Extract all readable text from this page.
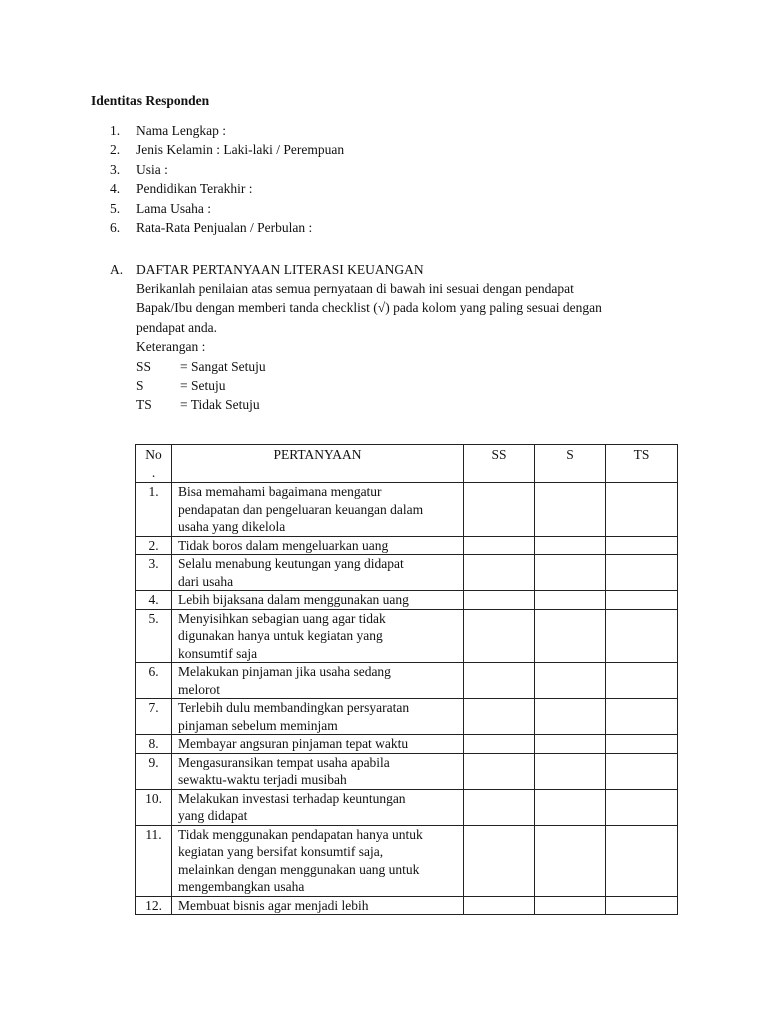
Identitas Responden
1. Nama Lengkap :
2. Jenis Kelamin : Laki-laki / Perempuan
3. Usia :
4. Pendidikan Terakhir :
5. Lama Usaha :
6. Rata-Rata Penjualan / Perbulan :
A. DAFTAR PERTANYAAN LITERASI KEUANGAN

Berikanlah penilaian atas semua pernyataan di bawah ini sesuai dengan pendapat

Bapak/Ibu dengan memberi tanda checklist (√) pada kolom yang paling sesuai dengan

pendapat anda.

Keterangan :

SS = Sangat Setuju
S	= Setuju
TS = Tidak Setuju
No
.	PERTANYAAN	SS	S	TS
1.	Bisa memahami bagaimana mengatur
pendapatan dan pengeluaran keuangan dalam
usaha yang dikelola			

2.	Tidak boros dalam mengeluarkan uang			

3.	Selalu menabung keutungan yang didapat
dari usaha			

4.	Lebih bijaksana dalam menggunakan uang			

5.	Menyisihkan sebagian uang agar tidak
digunakan hanya untuk kegiatan yang
konsumtif saja			

6.	Melakukan pinjaman jika usaha sedang
melorot			

7.	Terlebih dulu membandingkan persyaratan
pinjaman sebelum meminjam			

8.	Membayar angsuran pinjaman tepat waktu			

9.	Mengasuransikan tempat usaha apabila
sewaktu-waktu terjadi musibah			

10.	Melakukan investasi terhadap keuntungan
yang didapat			

11.	Tidak menggunakan pendapatan hanya untuk
kegiatan yang bersifat konsumtif saja,
melainkan dengan menggunakan uang untuk
mengembangkan usaha			

12.	Membuat bisnis agar menjadi lebih			
